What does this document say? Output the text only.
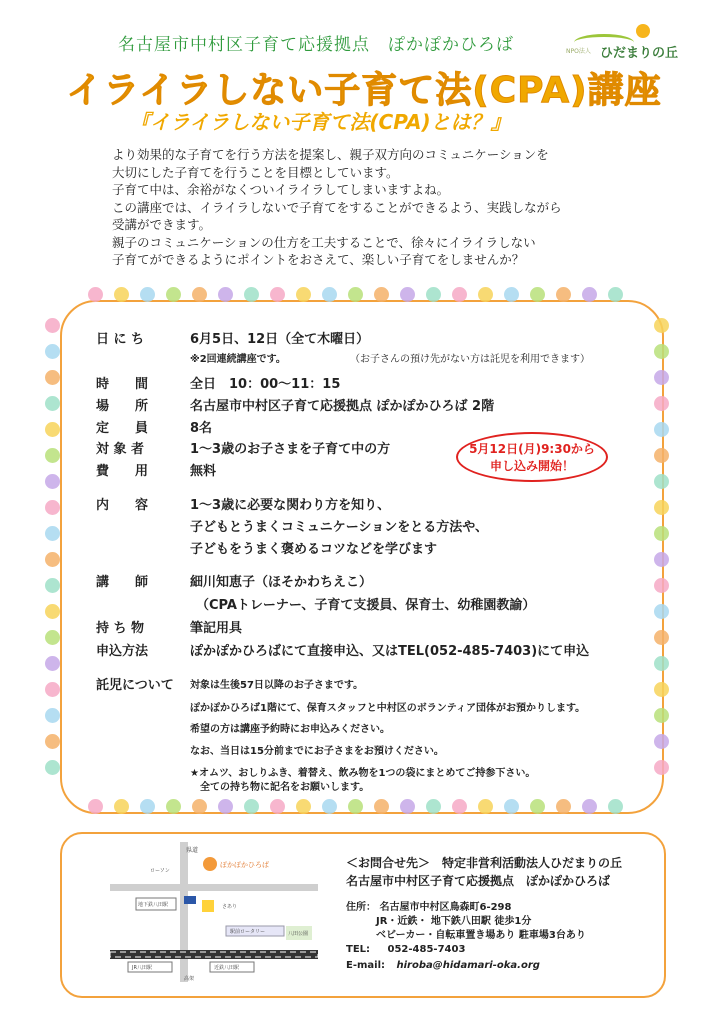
名古屋市中村区子育て応援拠点　ぽかぽかひろば	NPO法人 ひだまりの丘
イライラしない子育て法(CPA)講座
『イライラしない子育て法(CPA)とは？』
より効果的な子育てを行う方法を提案し、親子双方向のコミュニケーションを
大切にした子育てを行うことを目標としています。
子育て中は、余裕がなくついイライラしてしまいますよね。
この講座では、イライラしないで子育てをすることができるよう、実践しながら
受講ができます。
親子のコミュニケーションの仕方を工夫することで、徐々にイライラしない
子育てができるようにポイントをおさえて、楽しい子育てをしませんか？
日 に ち	6月5日、12日（全て木曜日）
※2回連続講座です。	（お子さんの預け先がない方は託児を利用できます）
時　　間	全日　10：00～11：15
場　　所	名古屋市中村区子育て応援拠点 ぽかぽかひろば 2階
定　　員	8名
対 象 者	1～3歳のお子さまを子育て中の方
費　　用	無料
5月12日(月)9:30から
申し込み開始！
内　　容	1～3歳に必要な関わり方を知り、
子どもとうまくコミュニケーションをとる方法や、
子どもをうまく褒めるコツなどを学びます
講　　師	細川知恵子（ほそかわちえこ）
（CPAトレーナー、子育て支援員、保育士、幼稚園教諭）
持 ち 物	筆記用具
申込方法	ぽかぽかひろばにて直接申込、又はTEL(052-485-7403)にて申込
託児について 対象は生後57日以降のお子さまです。
ぽかぽかひろば1階にて、保育スタッフと中村区のボランティア団体がお預かりします。
希望の方は講座予約時にお申込みください。
なお、当日は15分前までにお子さまをお預けください。
★オムツ、おしりふき、着替え、飲み物を1つの袋にまとめてご持参下さい。
　全ての持ち物に記名をお願いします。
県道
ぽかぽかひろば
ローソン
地下鉄八田駅	さあり
駅前ロータリー	八田公園
JR八田駅	近鉄八田駅
高架
＜お問合せ先＞　特定非営利活動法人ひだまりの丘
名古屋市中村区子育て応援拠点　ぽかぽかひろば
住所： 名古屋市中村区鳥森町6-298
JR・近鉄・ 地下鉄八田駅 徒歩1分
ベビーカー・自転車置き場あり 駐車場3台あり
TEL: 052-485-7403
E-mail: hiroba@hidamari-oka.org
